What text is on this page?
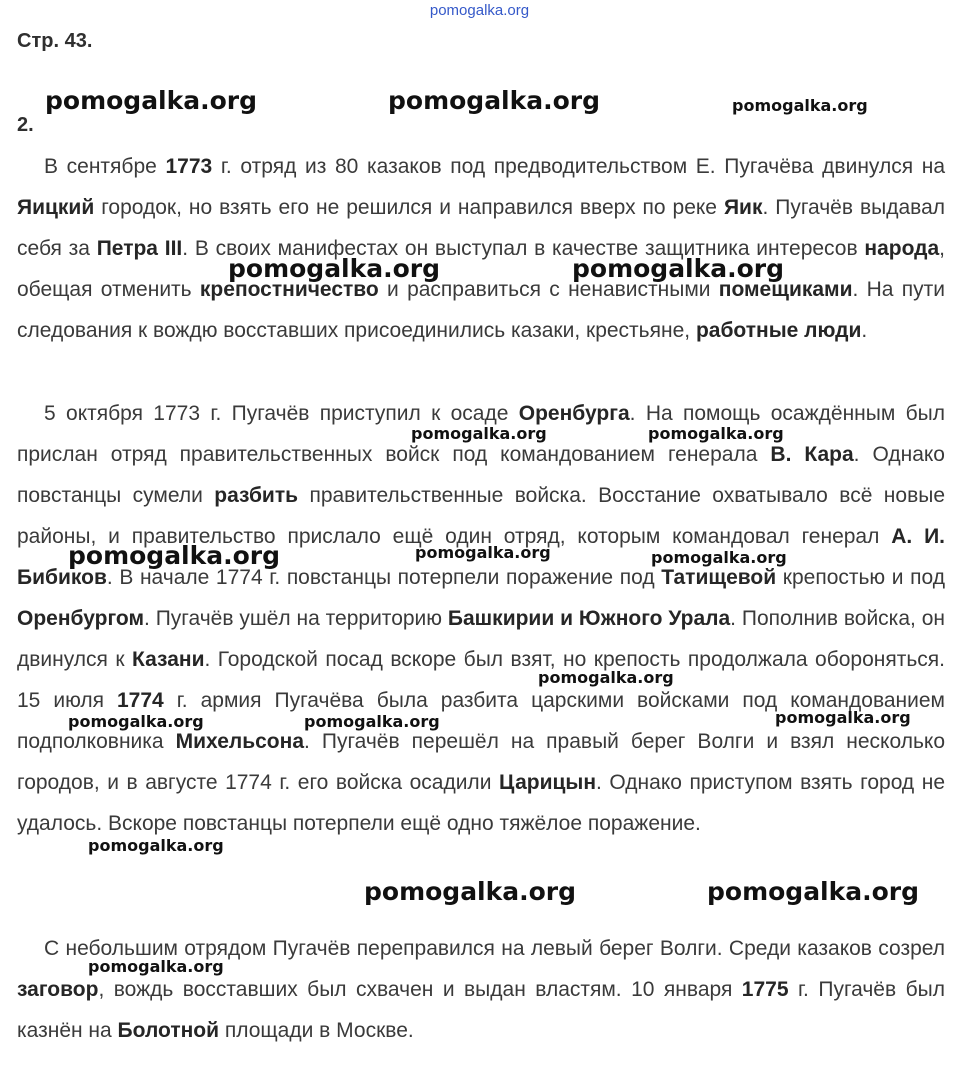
pomogalka.org
Стр. 43.
2.

В сентябре 1773 г. отряд из 80 казаков под предводительством Е. Пугачёва двинулся на Яицкий городок, но взять его не решился и направился вверх по реке Яик. Пугачёв выдавал себя за Петра III. В своих манифестах он выступал в качестве защитника интересов народа, обещая отменить крепостничество и расправиться с ненавистными помещиками. На пути следования к вождю восставших присоединились казаки, крестьяне, работные люди.

5 октября 1773 г. Пугачёв приступил к осаде Оренбурга. На помощь осаждённым был прислан отряд правительственных войск под командованием генерала В. Кара. Однако повстанцы сумели разбить правительственные войска. Восстание охватывало всё новые районы, и правительство прислало ещё один отряд, которым командовал генерал А. И. Бибиков. В начале 1774 г. повстанцы потерпели поражение под Татищевой крепостью и под Оренбургом. Пугачёв ушёл на территорию Башкирии и Южного Урала. Пополнив войска, он двинулся к Казани. Городской посад вскоре был взят, но крепость продолжала обороняться. 15 июля 1774 г. армия Пугачёва была разбита царскими войсками под командованием подполковника Михельсона. Пугачёв перешёл на правый берег Волги и взял несколько городов, и в августе 1774 г. его войска осадили Царицын. Однако приступом взять город не удалось. Вскоре повстанцы потерпели ещё одно тяжёлое поражение.

С небольшим отрядом Пугачёв переправился на левый берег Волги. Среди казаков созрел заговор, вождь восставших был схвачен и выдан властям. 10 января 1775 г. Пугачёв был казнён на Болотной площади в Москве.

pomogalka.org	pomogalka.org	pomogalka.org
pomogalka.org	pomogalka.org
pomogalka.org	pomogalka.org
pomogalka.org	pomogalka.org	pomogalka.org
pomogalka.org
pomogalka.org	pomogalka.org	pomogalka.org
pomogalka.org
pomogalka.org	pomogalka.org
pomogalka.org
